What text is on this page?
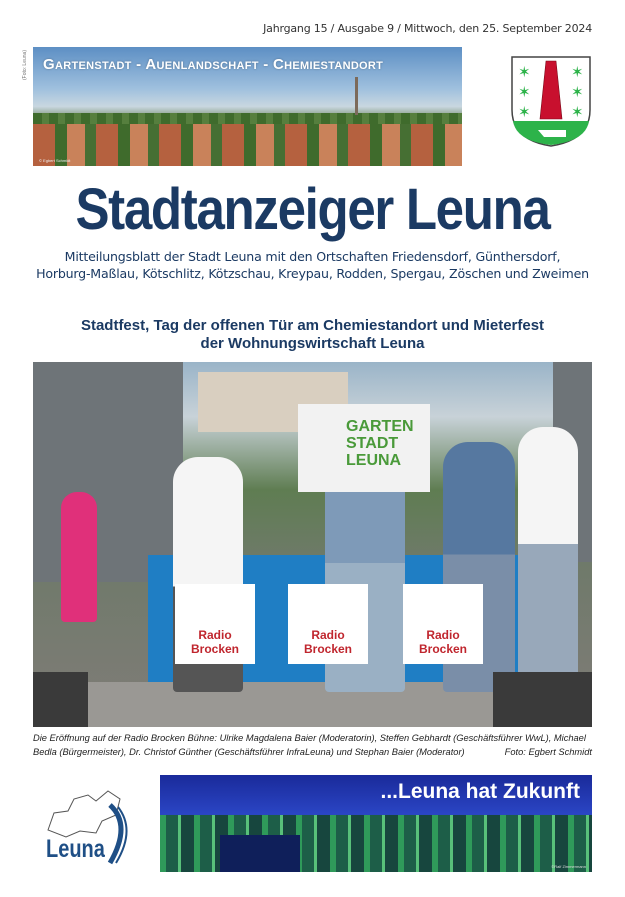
Jahrgang 15 / Ausgabe 9 / Mittwoch, den 25. September 2024
(Foto: Leuna) Gartenstadt - Auenlandschaft - Chemiestandort
© Egbert Schmidt
✶
✶
✶
✶
✶
✶
Stadtanzeiger Leuna
Mitteilungsblatt der Stadt Leuna mit den Ortschaften Friedensdorf, Günthersdorf,
Horburg-Maßlau, Kötschlitz, Kötzschau, Kreypau, Rodden, Spergau, Zöschen und Zweimen
Stadtfest, Tag der offenen Tür am Chemiestandort und Mieterfest
der Wohnungswirtschaft Leuna
GARTEN STADT LEUNA
Radio Brocken
Radio Brocken
Radio Brocken
Die Eröffnung auf der Radio Brocken Bühne: Ulrike Magdalena Baier (Moderatorin), Steffen Gebhardt (Geschäftsführer WwL), Michael Bedla (Bürgermeister), Dr. Christof Günther (Geschäftsführer InfraLeuna) und Stephan Baier (Moderator)	Foto: Egbert Schmidt
Leuna
...Leuna hat Zukunft
©Ralf Zimmermann
